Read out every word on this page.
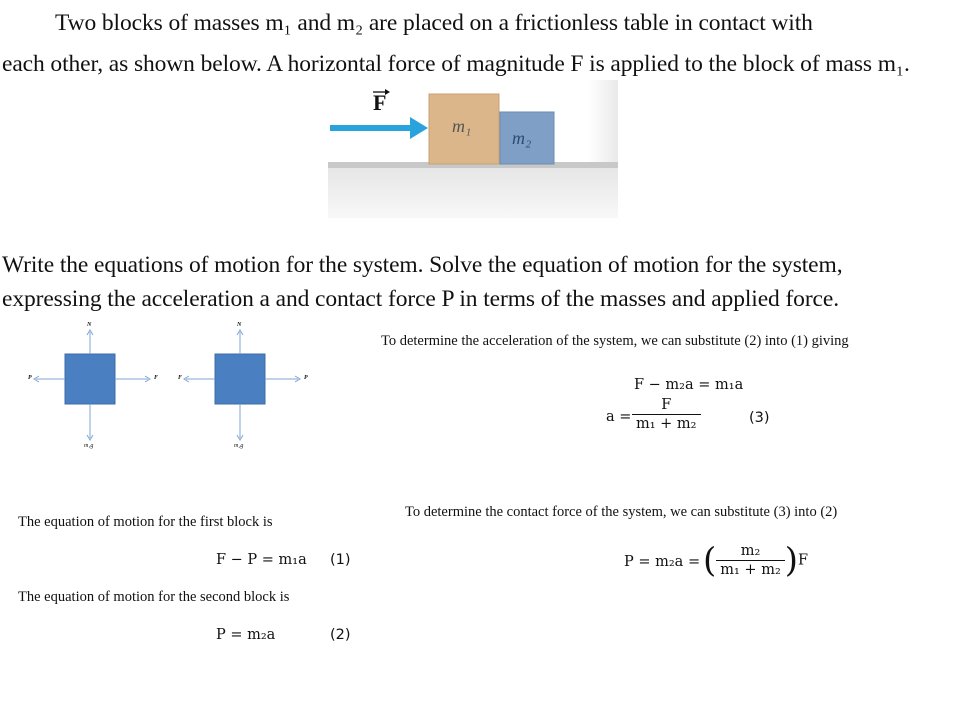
Two blocks of masses m₁ and m₂ are placed on a frictionless table in contact with
each other, as shown below. A horizontal force of magnitude F is applied to the block of mass m₁.
F
m₁
m₂
Write the equations of motion for the system. Solve the equation of motion for the system,
expressing the acceleration a and contact force P in terms of the masses and applied force.
N
P	F
m₁g
N
F	P
m₂g
To determine the acceleration of the system, we can substitute (2) into (1) giving
F − m₂a = m₁a
$a = \frac{F}{\text{m₁ + m₂}}$	(3)
To determine the contact force of the system, we can substitute (3) into (2)
P = m₂a = ( $\frac{\text{m₂}}{\text{m₁ + m₂}} )F$
The equation of motion for the first block is
F − P = m₁a (1)
The equation of motion for the second block is
P = m₂a	(2)
